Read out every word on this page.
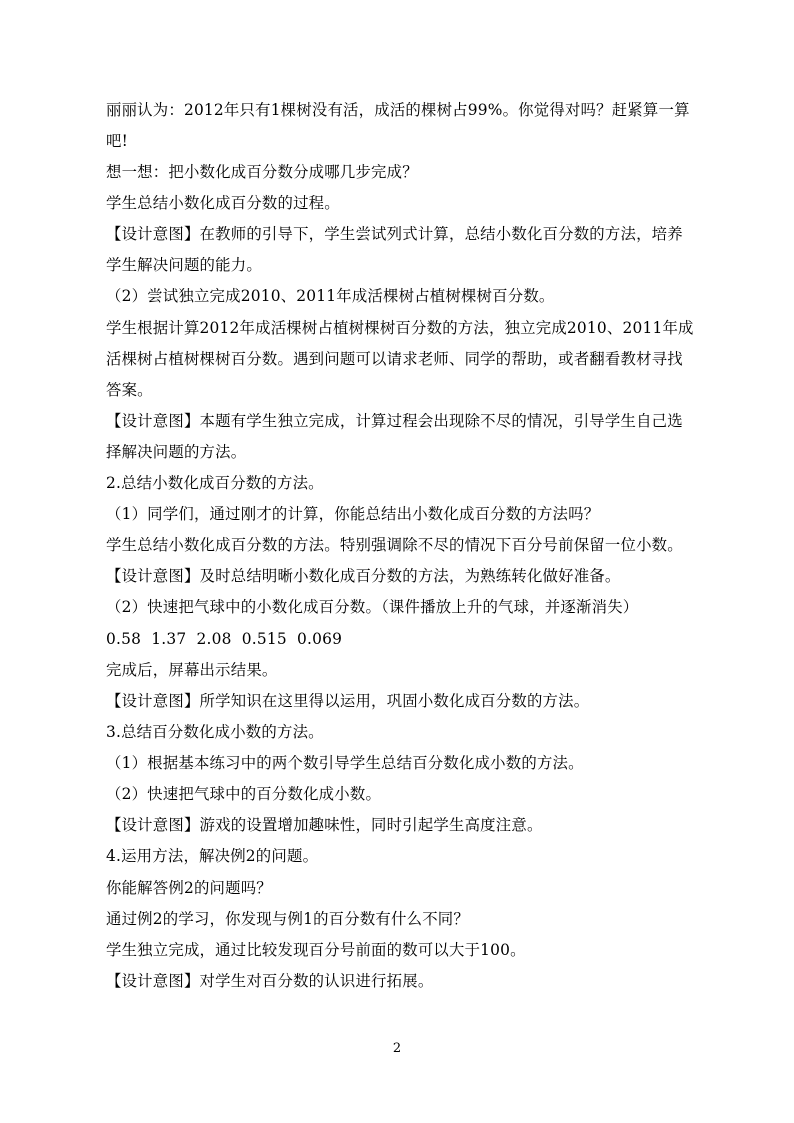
丽丽认为：2012年只有1棵树没有活，成活的棵树占99%。你觉得对吗？赶紧算一算
吧!
想一想：把小数化成百分数分成哪几步完成？
学生总结小数化成百分数的过程。
【设计意图】在教师的引导下，学生尝试列式计算，总结小数化百分数的方法，培养
学生解决问题的能力。
（2）尝试独立完成2010、2011年成活棵树占植树棵树百分数。
学生根据计算2012年成活棵树占植树棵树百分数的方法，独立完成2010、2011年成
活棵树占植树棵树百分数。遇到问题可以请求老师、同学的帮助，或者翻看教材寻找
答案。
【设计意图】本题有学生独立完成，计算过程会出现除不尽的情况，引导学生自己选
择解决问题的方法。
2.总结小数化成百分数的方法。
（1）同学们，通过刚才的计算，你能总结出小数化成百分数的方法吗？
学生总结小数化成百分数的方法。特别强调除不尽的情况下百分号前保留一位小数。
【设计意图】及时总结明晰小数化成百分数的方法，为熟练转化做好准备。
（2）快速把气球中的小数化成百分数。（课件播放上升的气球，并逐渐消失）
0.58  1.37  2.08  0.515  0.069
完成后，屏幕出示结果。
【设计意图】所学知识在这里得以运用，巩固小数化成百分数的方法。
3.总结百分数化成小数的方法。
（1）根据基本练习中的两个数引导学生总结百分数化成小数的方法。
（2）快速把气球中的百分数化成小数。
【设计意图】游戏的设置增加趣味性，同时引起学生高度注意。
4.运用方法，解决例2的问题。
你能解答例2的问题吗？
通过例2的学习，你发现与例1的百分数有什么不同？
学生独立完成，通过比较发现百分号前面的数可以大于100。
【设计意图】对学生对百分数的认识进行拓展。
2
